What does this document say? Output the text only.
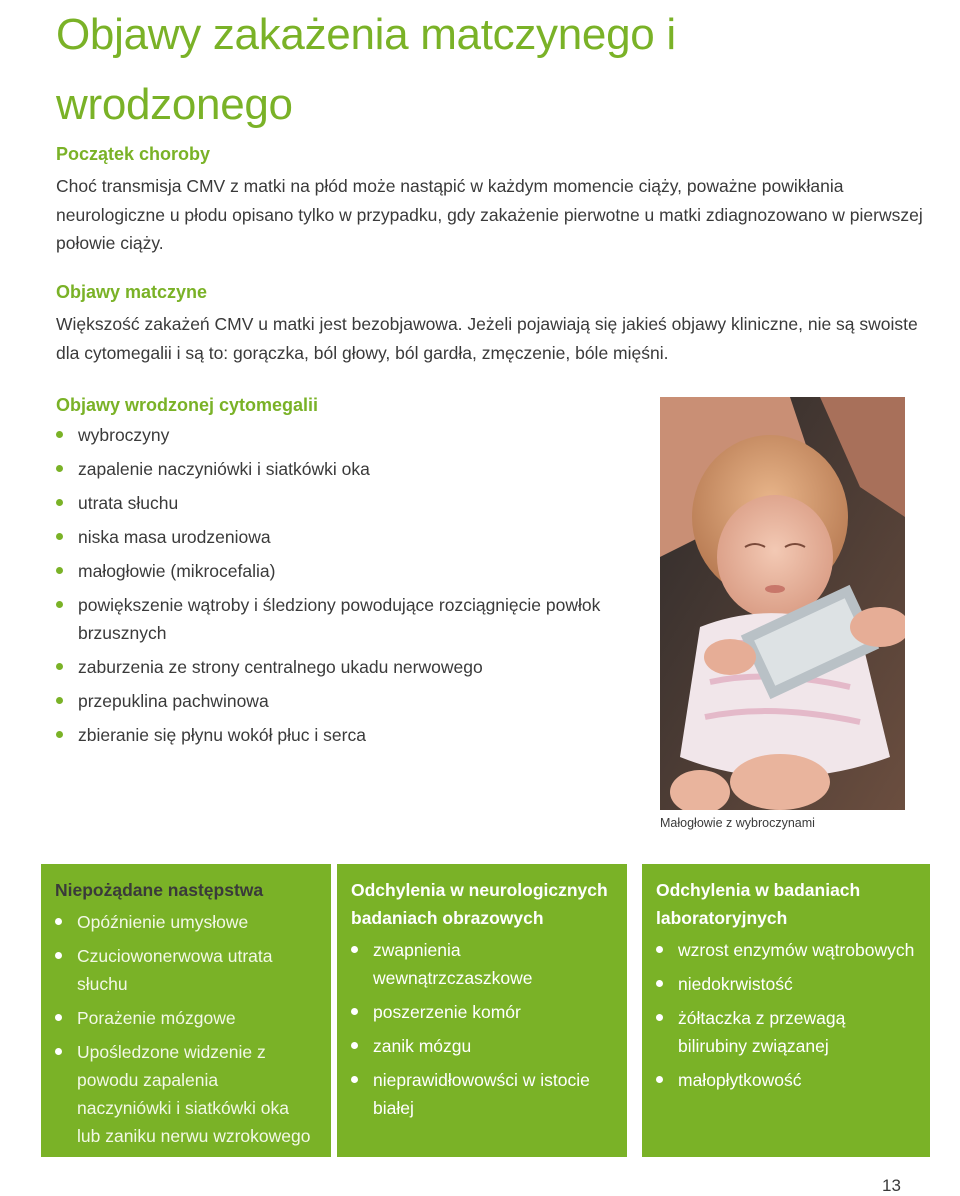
Objawy zakażenia matczynego i wrodzonego
Początek choroby

Choć transmisja CMV z matki na płód może nastąpić w każdym momencie ciąży, poważne powikłania neurologiczne u płodu opisano tylko w przypadku, gdy zakażenie pierwotne u matki zdiagnozowano w pierwszej połowie ciąży.

Objawy matczyne

Większość zakażeń CMV u matki jest bezobjawowa. Jeżeli pojawiają się jakieś objawy kliniczne, nie są swoiste dla cytomegalii i są to: gorączka, ból głowy, ból gardła, zmęczenie, bóle mięśni.

Objawy wrodzonej cytomegalii
wybroczyny
zapalenie naczyniówki i siatkówki oka
utrata słuchu
niska masa urodzeniowa
małogłowie (mikrocefalia)
powiększenie wątroby i śledziony powodujące rozciągnięcie powłok brzusznych
zaburzenia ze strony centralnego ukadu nerwowego
przepuklina pachwinowa
zbieranie się płynu wokół płuc i serca
Małogłowie z wybroczynami
Niepożądane następstwa
Opóźnienie umysłowe
Czuciowonerwowa utrata słuchu
Porażenie mózgowe
Upośledzone widzenie z powodu zapalenia naczyniówki i siatkówki oka lub zaniku nerwu wzrokowego
Odchylenia w neurologicznych badaniach obrazowych
zwapnienia wewnątrzczaszkowe
poszerzenie komór
zanik mózgu
nieprawidłowowści w istocie białej
Odchylenia w badaniach laboratoryjnych
wzrost enzymów wątrobowych
niedokrwistość
żółtaczka z przewagą bilirubiny związanej
małopłytkowość
13
